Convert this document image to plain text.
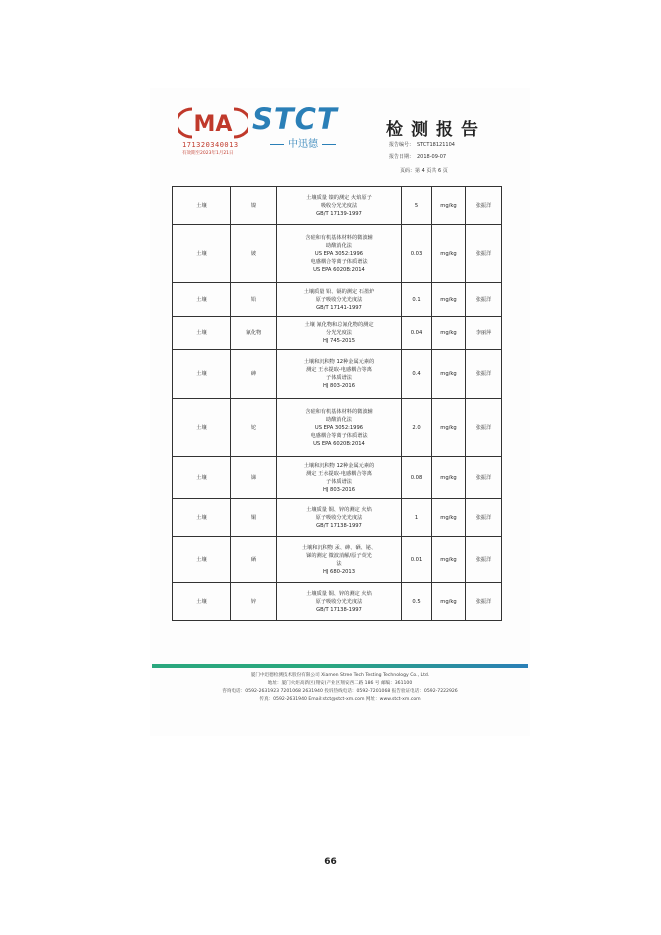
MA
171320340013
有效期至2023年1月21日
STCT
中迅德
检测报告
报告编号： STCT18121104
报告日期： 2018-09-07
页码：第 4 页共 6 页
土壤	镍	土壤质量 镍的测定 火焰原子
吸收分光光度法
GB/T 17139-1997	5	mg/kg	张振洋
土壤	铍	含硅和有机基体材料的微波辅
助酸消化法
US EPA 3052:1996
电感耦合等离子体质谱法
US EPA 6020B:2014	0.03	mg/kg	张振洋
土壤	铅	土壤质量 铅、镉的测定 石墨炉
原子吸收分光光度法
GB/T 17141-1997	0.1	mg/kg	张振洋
土壤	氰化物	土壤 氰化物和总氰化物的测定
分光光度法
HJ 745-2015	0.04	mg/kg	李丽萍
土壤	砷	土壤和沉积物 12种金属元素的
测定 王水提取-电感耦合等离
子体质谱法
HJ 803-2016	0.4	mg/kg	张振洋
土壤	铊	含硅和有机基体材料的微波辅
助酸消化法
US EPA 3052:1996
电感耦合等离子体质谱法
US EPA 6020B:2014	2.0	mg/kg	张振洋
土壤	锑	土壤和沉积物 12种金属元素的
测定 王水提取-电感耦合等离
子体质谱法
HJ 803-2016	0.08	mg/kg	张振洋
土壤	铜	土壤质量 铜、锌的测定 火焰
原子吸收分光光度法
GB/T 17138-1997	1	mg/kg	张振洋
土壤	硒	土壤和沉积物 汞、砷、硒、铋、
锑的测定 微波消解/原子荧光
法
HJ 680-2013	0.01	mg/kg	张振洋
土壤	锌	土壤质量 铜、锌的测定 火焰
原子吸收分光光度法
GB/T 17138-1997	0.5	mg/kg	张振洋
厦门中迅德检测技术股份有限公司 Xiamen Stree Tech Testing Technology Co., Ltd.
地址：厦门火炬高新区(翔安)产业区翔安西二路 186 号 邮编：361100
咨询电话：0592-2631923 7201068 2631940 投诉热线电话：0592-7201068 报告验证电话：0592-7222926
传真：0592-2631940 Email:stct@stct-xm.com 网址：www.stct-xm.com
66
